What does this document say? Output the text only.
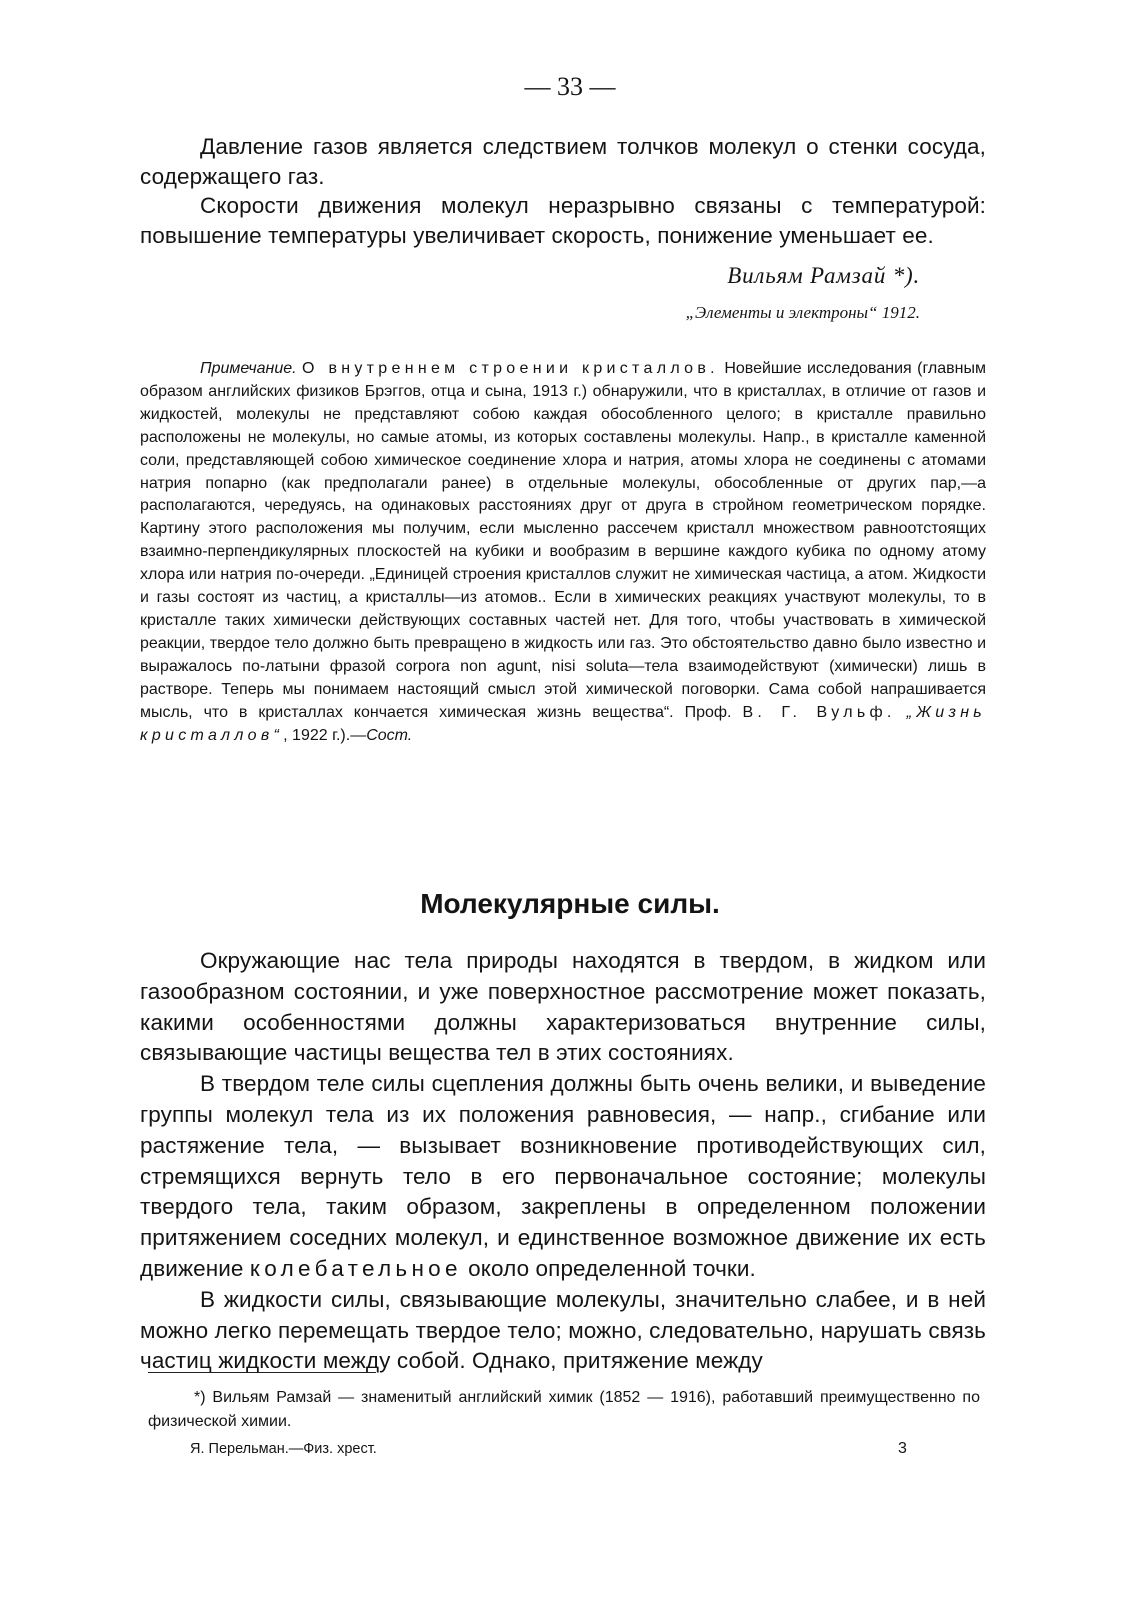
— 33 —

Давление газов является следствием толчков молекул о стенки сосуда, содержащего газ.

Скорости движения молекул неразрывно связаны с температурой: повышение температуры увеличивает скорость, понижение уменьшает ее.

Вильям Рамзай *).
„Элементы и электроны“ 1912.

Примечание. О внутреннем строении кристаллов. Новейшие исследования (главным образом английских физиков Брэггов, отца и сына, 1913 г.) обнаружили, что в кристаллах, в отличие от газов и жидкостей, молекулы не представляют собою каждая обособленного целого; в кристалле правильно расположены не молекулы, но самые атомы, из которых составлены молекулы. Напр., в кристалле каменной соли, представляющей собою химическое соединение хлора и натрия, атомы хлора не соединены с атомами натрия попарно (как предполагали ранее) в отдельные молекулы, обособленные от других пар,—а располагаются, чередуясь, на одинаковых расстояниях друг от друга в стройном геометрическом порядке. Картину этого расположения мы получим, если мысленно рассечем кристалл множеством равноотстоящих взаимно-перпендикулярных плоскостей на кубики и вообразим в вершине каждого кубика по одному атому хлора или натрия по-очереди. „Единицей строения кристаллов служит не химическая частица, а атом. Жидкости и газы состоят из частиц, а кристаллы—из атомов.. Если в химических реакциях участвуют молекулы, то в кристалле таких химически действующих составных частей нет. Для того, чтобы участвовать в химической реакции, твердое тело должно быть превращено в жидкость или газ. Это обстоятельство давно было известно и выражалось по-латыни фразой corpora non agunt, nisi soluta—тела взаимодействуют (химически) лишь в растворе. Теперь мы понимаем настоящий смысл этой химической поговорки. Сама собой напрашивается мысль, что в кристаллах кончается химическая жизнь вещества“. Проф. В. Г. Вульф. „Жизнь кристаллов“, 1922 г.).—Сост.

Молекулярные силы.

Окружающие нас тела природы находятся в твердом, в жидком или газообразном состоянии, и уже поверхностное рассмотрение может показать, какими особенностями должны характеризоваться внутренние силы, связывающие частицы вещества тел в этих состояниях.

В твердом теле силы сцепления должны быть очень велики, и выведение группы молекул тела из их положения равновесия, — напр., сгибание или растяжение тела, — вызывает возникновение противодействующих сил, стремящихся вернуть тело в его первоначальное состояние; молекулы твердого тела, таким образом, закреплены в определенном положении притяжением соседних молекул, и единственное возможное движение их есть движение колебательное около определенной точки.

В жидкости силы, связывающие молекулы, значительно слабее, и в ней можно легко перемещать твердое тело; можно, следовательно, нарушать связь частиц жидкости между собой. Однако, притяжение между

*) Вильям Рамзай — знаменитый английский химик (1852 — 1916), работавший преимущественно по физической химии.

Я. Перельман.—Физ. хрест.	3
